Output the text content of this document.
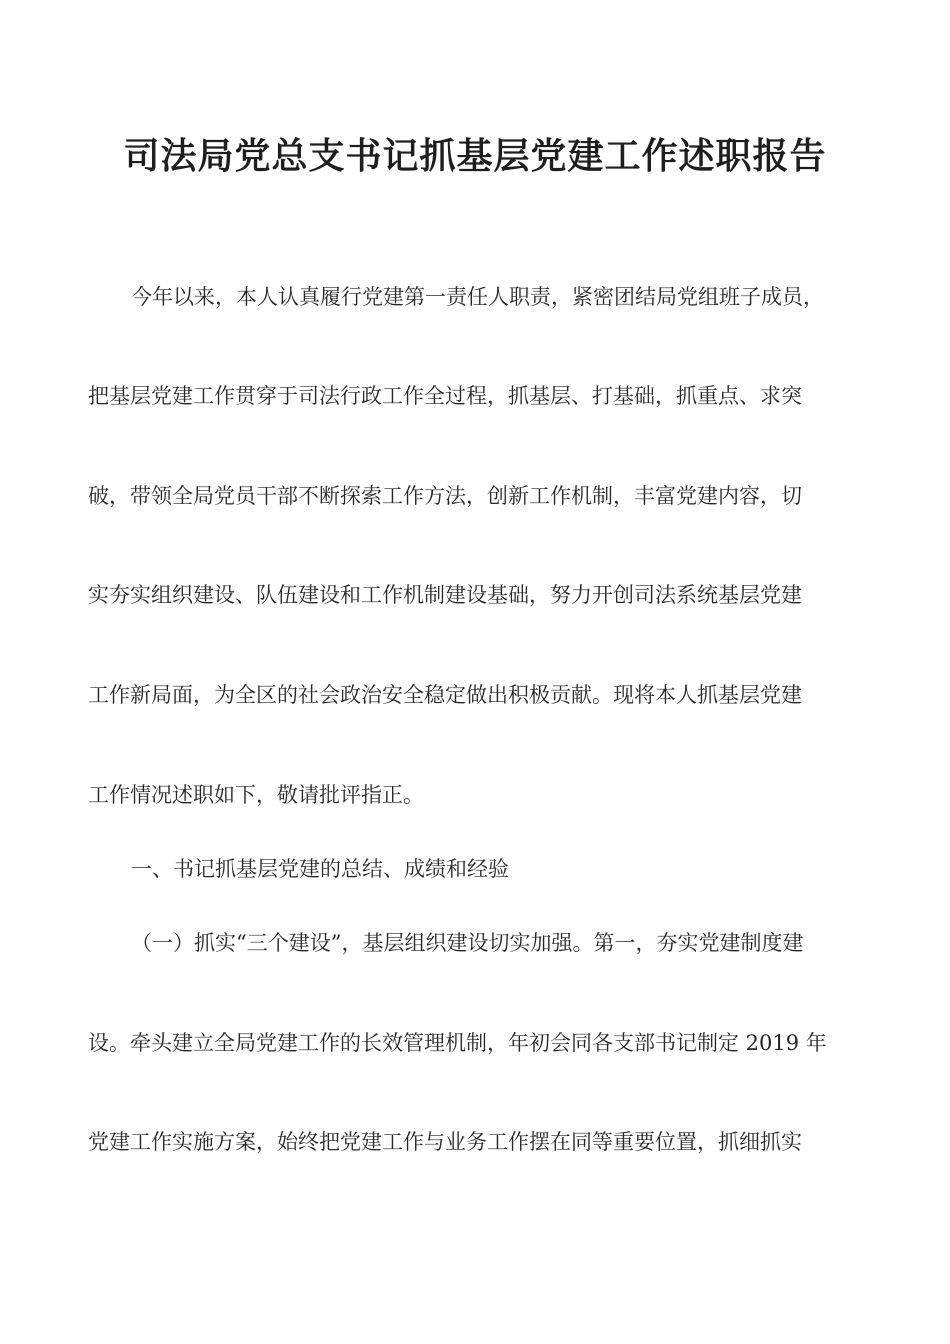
司法局党总支书记抓基层党建工作述职报告
今年以来，本人认真履行党建第一责任人职责，紧密团结局党组班子成员，
把基层党建工作贯穿于司法行政工作全过程，抓基层、打基础，抓重点、求突
破，带领全局党员干部不断探索工作方法，创新工作机制，丰富党建内容，切
实夯实组织建设、队伍建设和工作机制建设基础，努力开创司法系统基层党建
工作新局面，为全区的社会政治安全稳定做出积极贡献。现将本人抓基层党建
工作情况述职如下，敬请批评指正。
一、书记抓基层党建的总结、成绩和经验
（一）抓实“三个建设”，基层组织建设切实加强。第一，夯实党建制度建
设。牵头建立全局党建工作的长效管理机制，年初会同各支部书记制定 2019 年
党建工作实施方案，始终把党建工作与业务工作摆在同等重要位置，抓细抓实
